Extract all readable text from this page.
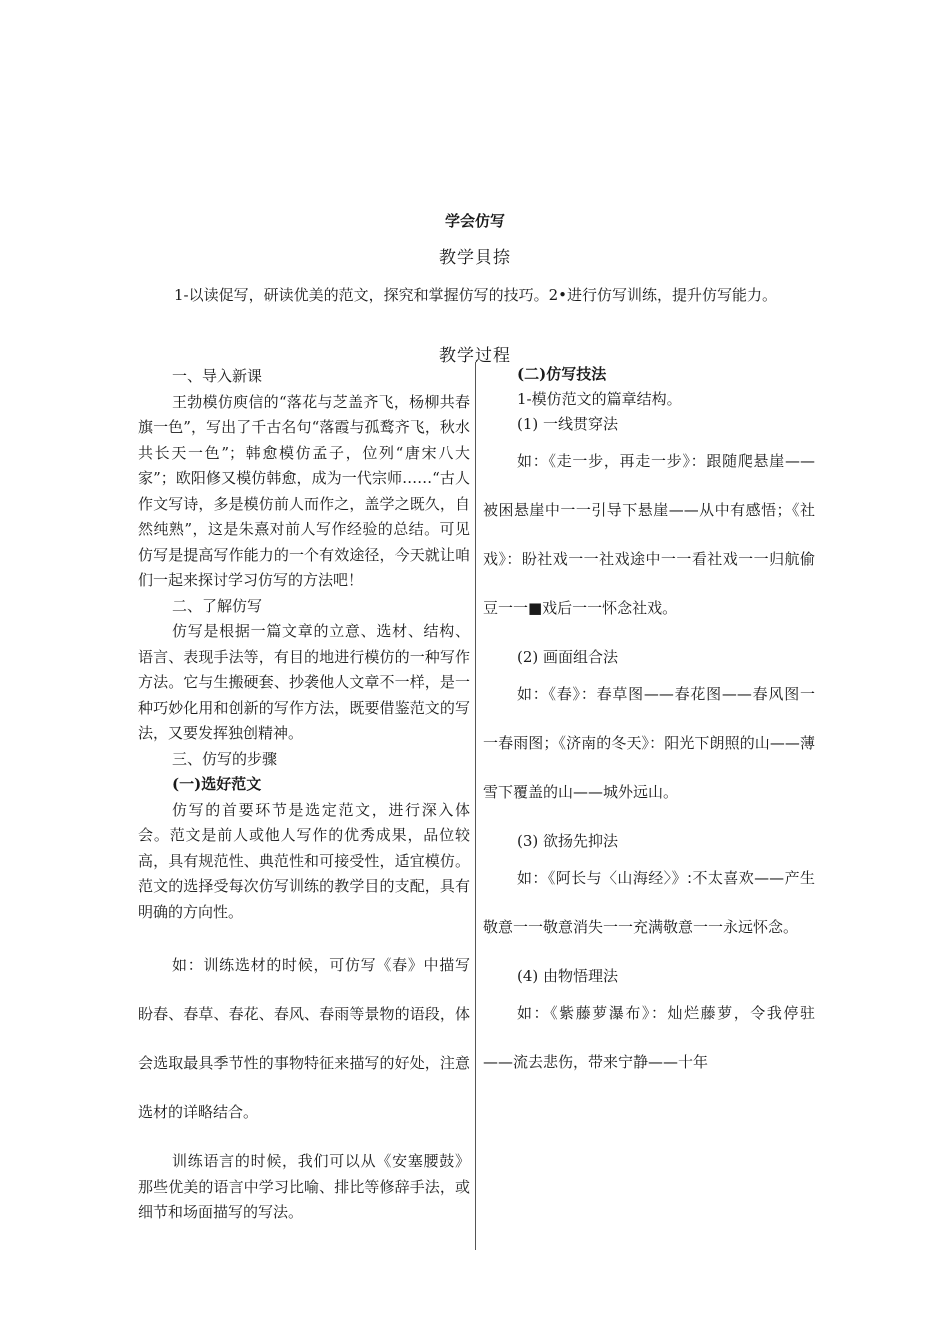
学会仿写
教学貝捺
1-以读促写，研读优美的范文，探究和掌握仿写的技巧。2•进行仿写训练，提升仿写能力。
教学过程

一、导入新课

王勃模仿庾信的“落花与芝盖齐飞，杨柳共春旗一色”，写出了千古名句“落霞与孤鹜齐飞，秋水共长天一色”；韩愈模仿孟子，位列“唐宋八大家”；欧阳修又模仿韩愈，成为一代宗师……“古人作文写诗，多是模仿前人而作之，盖学之既久，自然纯熟”，这是朱熹对前人写作经验的总结。可见仿写是提高写作能力的一个有效途径，今天就让咱们一起来探讨学习仿写的方法吧！

二、了解仿写

仿写是根据一篇文章的立意、选材、结构、语言、表现手法等，有目的地进行模仿的一种写作方法。它与生搬硬套、抄袭他人文章不一样，是一种巧妙化用和创新的写作方法，既要借鉴范文的写法，又要发挥独创精神。

三、仿写的步骤

(一)选好范文

仿写的首要环节是选定范文，进行深入体会。范文是前人或他人写作的优秀成果，品位较高，具有规范性、典范性和可接受性，适宜模仿。范文的选择受每次仿写训练的教学目的支配，具有明确的方向性。

如：训练选材的时候，可仿写《春》中描写盼春、春草、春花、春风、春雨等景物的语段，体会选取最具季节性的事物特征来描写的好处，注意选材的详略结合。

训练语言的时候，我们可以从《安塞腰鼓》那些优美的语言中学习比喻、排比等修辞手法，或细节和场面描写的写法。

(二)仿写技法

1-模仿范文的篇章结构。

(1) 一线贯穿法

如：《走一步，再走一步》：跟随爬悬崖——被困悬崖中一一引导下悬崖——从中有感悟；《社戏》：盼社戏一一社戏途中一一看社戏一一归航偷豆一一■戏后一一怀念社戏。

(2) 画面组合法

如：《春》：春草图——春花图——春风图一一春雨图；《济南的冬天》：阳光下朗照的山——薄雪下覆盖的山——城外远山。

(3) 欲扬先抑法

如：《阿长与〈山海经〉》:不太喜欢——产生敬意一一敬意消失一一充满敬意一一永远怀念。

(4) 由物悟理法

如：《紫藤萝瀑布》：灿烂藤萝，令我停驻——流去悲伤，带来宁静——十年
